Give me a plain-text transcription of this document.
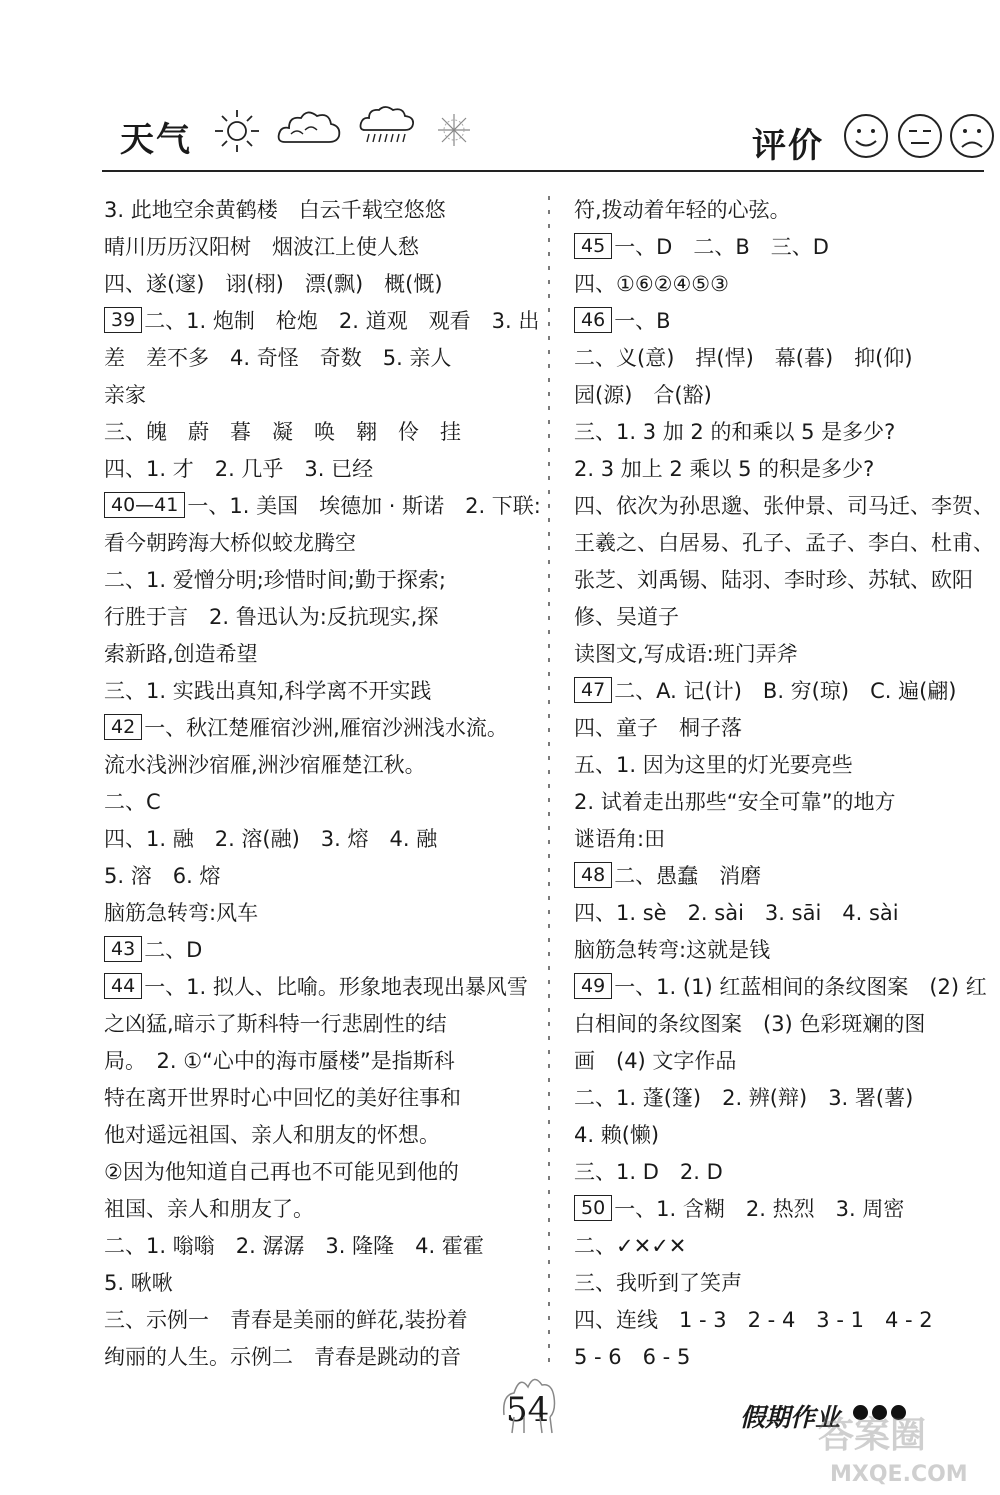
天气	评价
3. 此地空余黄鹤楼　白云千载空悠悠
晴川历历汉阳树　烟波江上使人愁
四、遂(邃)　诩(栩)　漂(飘)　概(慨)
39 二、1. 炮制　枪炮　2. 道观　观看　3. 出
差　差不多　4. 奇怪　奇数　5. 亲人
亲家
三、魄　蔚　暮　凝　唤　翱　伶　挂
四、1. 才　2. 几乎　3. 已经
40—41 一、1. 美国　埃德加 · 斯诺　2. 下联:
看今朝跨海大桥似蛟龙腾空
二、1. 爱憎分明;珍惜时间;勤于探索;
行胜于言　2. 鲁迅认为:反抗现实,探
索新路,创造希望
三、1. 实践出真知,科学离不开实践
42 一、秋江楚雁宿沙洲,雁宿沙洲浅水流。
流水浅洲沙宿雁,洲沙宿雁楚江秋。
二、C
四、1. 融　2. 溶(融)　3. 熔　4. 融
5. 溶　6. 熔
脑筋急转弯:风车
43 二、D
44 一、1. 拟人、比喻。形象地表现出暴风雪
之凶猛,暗示了斯科特一行悲剧性的结
局。　2. ①“心中的海市蜃楼”是指斯科
特在离开世界时心中回忆的美好往事和
他对遥远祖国、亲人和朋友的怀想。
②因为他知道自己再也不可能见到他的
祖国、亲人和朋友了。
二、1. 嗡嗡　2. 潺潺　3. 隆隆　4. 霍霍
5. 啾啾
三、示例一　青春是美丽的鲜花,装扮着
绚丽的人生。示例二　青春是跳动的音
符,拨动着年轻的心弦。
45 一、D　二、B　三、D
四、①⑥②④⑤③
46 一、B
二、义(意)　捍(悍)　幕(暮)　抑(仰)
园(源)　合(豁)
三、1. 3 加 2 的和乘以 5 是多少?
2. 3 加上 2 乘以 5 的积是多少?
四、依次为孙思邈、张仲景、司马迁、李贺、
王羲之、白居易、孔子、孟子、李白、杜甫、
张芝、刘禹锡、陆羽、李时珍、苏轼、欧阳
修、吴道子
读图文,写成语:班门弄斧
47 二、A. 记(计)　B. 穷(琼)　C. 遍(翩)
四、童子　桐子落
五、1. 因为这里的灯光要亮些
2. 试着走出那些“安全可靠”的地方
谜语角:田
48 二、愚蠢　消磨
四、1. sè　2. sài　3. sāi　4. sài
脑筋急转弯:这就是钱
49 一、1. (1) 红蓝相间的条纹图案　(2) 红
白相间的条纹图案　(3) 色彩斑斓的图
画　(4) 文字作品
二、1. 蓬(篷)　2. 辨(辩)　3. 署(薯)
4. 赖(懒)
三、1. D　2. D
50 一、1. 含糊　2. 热烈　3. 周密
二、✓✕✓✕
三、我听到了笑声
四、连线　1 - 3　2 - 4　3 - 1　4 - 2
5 - 6　6 - 5
54	假期作业
答案圈
MXQE.COM
